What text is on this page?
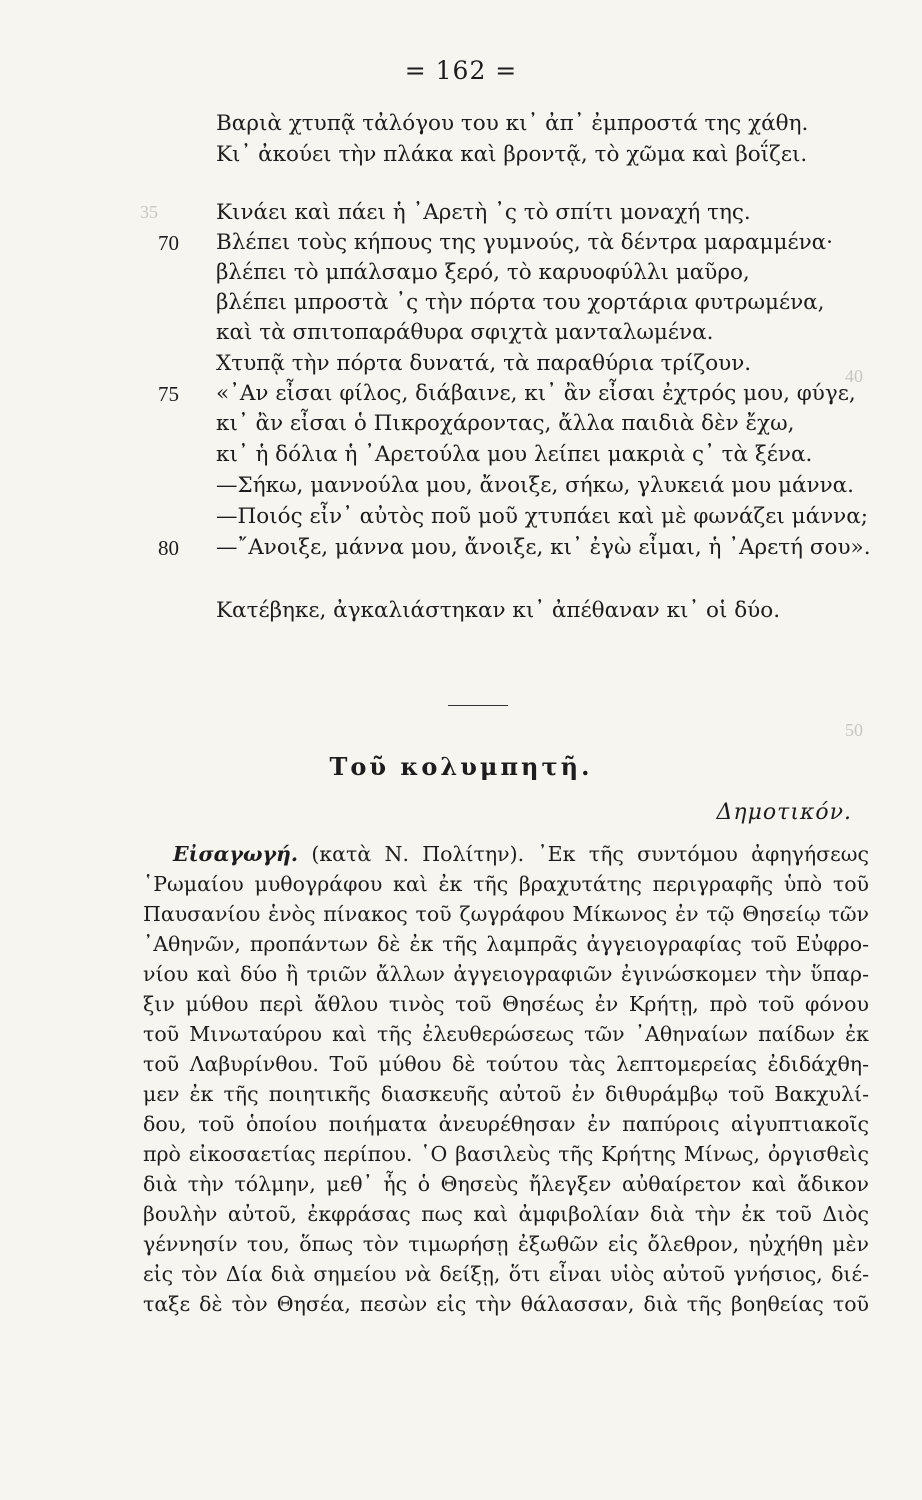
= 162 =
35
40
50
Βαριὰ χτυπᾷ τἀλόγου του κι᾽ ἀπ᾽ ἐμπροστά της χάθη.
Κι᾽ ἀκούει τὴν πλάκα καὶ βροντᾷ, τὸ χῶμα καὶ βοΐζει.
Κινάει καὶ πάει ἡ ᾽Αρετὴ ᾽ς τὸ σπίτι μοναχή της.
70	Βλέπει τοὺς κήπους της γυμνούς, τὰ δέντρα μαραμμένα·
βλέπει τὸ μπάλσαμο ξερό, τὸ καρυοφύλλι μαῦρο,
βλέπει μπροστὰ ᾽ς τὴν πόρτα του χορτάρια φυτρωμένα,
καὶ τὰ σπιτοπαράθυρα σφιχτὰ μανταλωμένα.
Χτυπᾷ τὴν πόρτα δυνατά, τὰ παραθύρια τρίζουν.
75	«᾽Αν εἶσαι φίλος, διάβαινε, κι᾽ ἂν εἶσαι ἐχτρός μου, φύγε,
κι᾽ ἂν εἶσαι ὁ Πικροχάροντας, ἄλλα παιδιὰ δὲν ἔχω,
κι᾽ ἡ δόλια ἡ ᾽Αρετούλα μου λείπει μακριὰ ς᾽ τὰ ξένα.
—Σήκω, μαννούλα μου, ἄνοιξε, σήκω, γλυκειά μου μάννα.
—Ποιός εἶν᾽ αὐτὸς ποῦ μοῦ χτυπάει καὶ μὲ φωνάζει μάννα;
80	—῎Ανοιξε, μάννα μου, ἄνοιξε, κι᾽ ἐγὼ εἶμαι, ἡ ᾽Αρετή σου».
Κατέβηκε, ἀγκαλιάστηκαν κι᾽ ἀπέθαναν κι᾽ οἱ δύο.
Τοῦ κολυμπητῆ.
Δημοτικόν.
Εἰσαγωγή. (κατὰ Ν. Πολίτην). ᾽Εκ τῆς συντόμου ἀφηγήσεως
῾Ρωμαίου μυθογράφου καὶ ἐκ τῆς βραχυτάτης περιγραφῆς ὑπὸ τοῦ
Παυσανίου ἑνὸς πίνακος τοῦ ζωγράφου Μίκωνος ἐν τῷ Θησείῳ τῶν
᾽Αθηνῶν, προπάντων δὲ ἐκ τῆς λαμπρᾶς ἀγγειογραφίας τοῦ Εὐφρο-
νίου καὶ δύο ἢ τριῶν ἄλλων ἀγγειογραφιῶν ἐγινώσκομεν τὴν ὕπαρ-
ξιν μύθου περὶ ἄθλου τινὸς τοῦ Θησέως ἐν Κρήτῃ, πρὸ τοῦ φόνου
τοῦ Μινωταύρου καὶ τῆς ἐλευθερώσεως τῶν ᾽Αθηναίων παίδων ἐκ
τοῦ Λαβυρίνθου. Τοῦ μύθου δὲ τούτου τὰς λεπτομερείας ἐδιδάχθη-
μεν ἐκ τῆς ποιητικῆς διασκευῆς αὐτοῦ ἐν διθυράμβῳ τοῦ Βακχυλί-
δου, τοῦ ὁποίου ποιήματα ἀνευρέθησαν ἐν παπύροις αἰγυπτιακοῖς
πρὸ εἰκοσαετίας περίπου. ῾Ο βασιλεὺς τῆς Κρήτης Μίνως, ὀργισθεὶς
διὰ τὴν τόλμην, μεθ᾽ ἧς ὁ Θησεὺς ἤλεγξεν αὐθαίρετον καὶ ἄδικον
βουλὴν αὐτοῦ, ἐκφράσας πως καὶ ἀμφιβολίαν διὰ τὴν ἐκ τοῦ Διὸς
γέννησίν του, ὅπως τὸν τιμωρήσῃ ἐξωθῶν εἰς ὄλεθρον, ηὐχήθη μὲν
εἰς τὸν Δία διὰ σημείου νὰ δείξῃ, ὅτι εἶναι υἱὸς αὐτοῦ γνήσιος, διέ-
ταξε δὲ τὸν Θησέα, πεσὼν εἰς τὴν θάλασσαν, διὰ τῆς βοηθείας τοῦ
